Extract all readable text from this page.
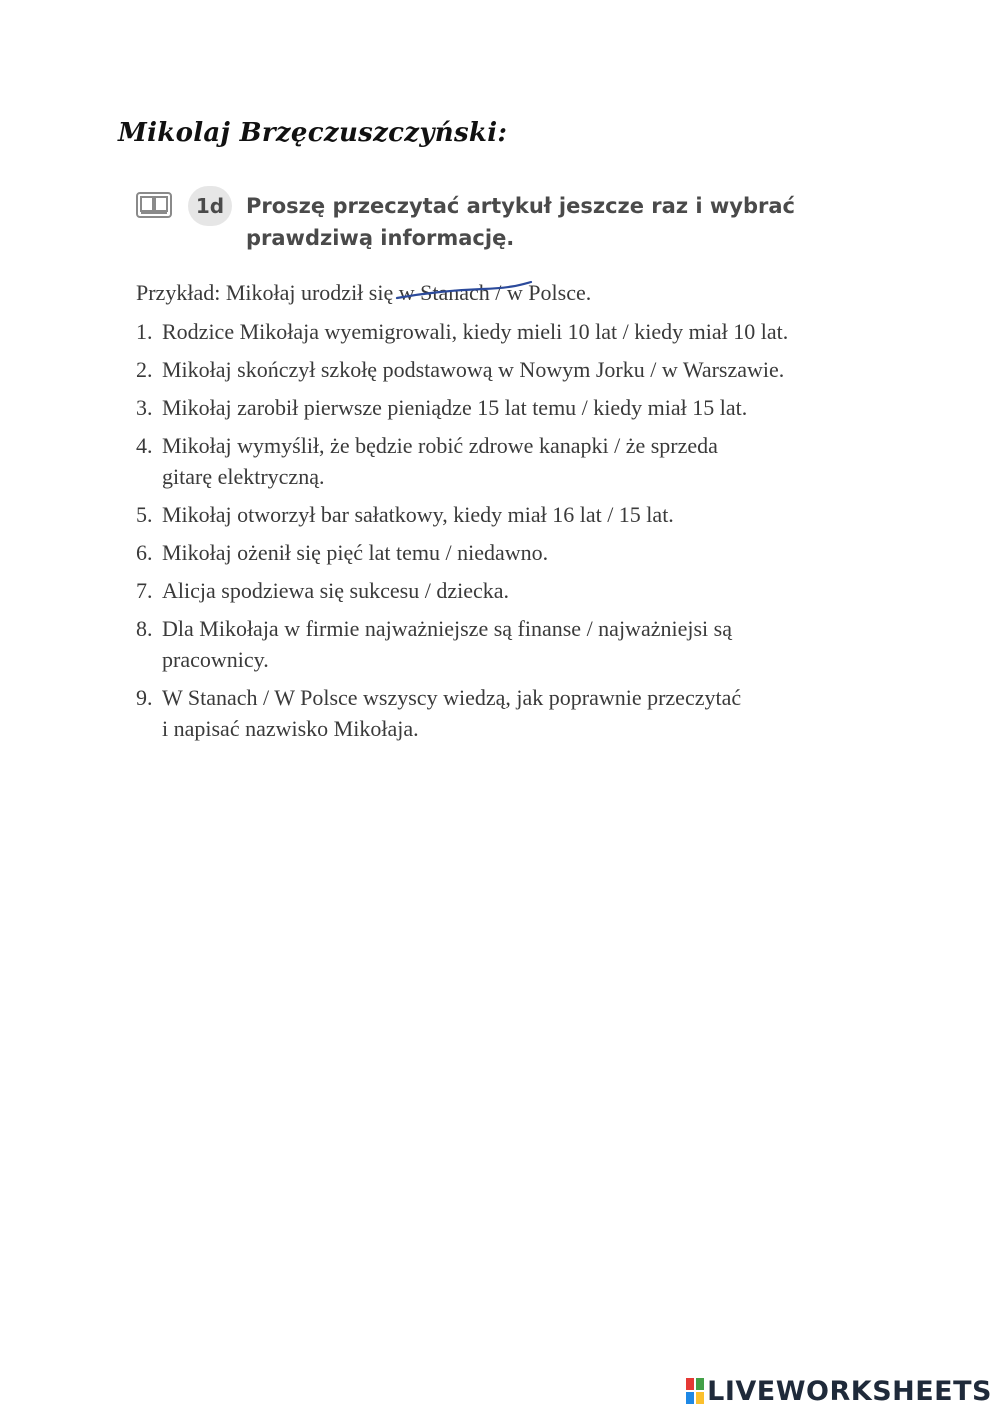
Mikolaj Brzęczuszczyński:
1d	Proszę przeczytać artykuł jeszcze raz i wybrać
prawdziwą informację.

Przykład: Mikołaj urodził się w Stanach /
w Polsce.
1. Rodzice Mikołaja wyemigrowali, kiedy mieli 10 lat / kiedy miał 10 lat.
2. Mikołaj skończył szkołę podstawową w Nowym Jorku / w Warszawie.
3. Mikołaj zarobił pierwsze pieniądze 15 lat temu / kiedy miał 15 lat.
4. Mikołaj wymyślił, że będzie robić zdrowe kanapki / że sprzeda
gitarę elektryczną.
5. Mikołaj otworzył bar sałatkowy, kiedy miał 16 lat / 15 lat.
6. Mikołaj ożenił się pięć lat temu / niedawno.
7. Alicja spodziewa się sukcesu / dziecka.
8. Dla Mikołaja w firmie najważniejsze są finanse / najważniejsi są
pracownicy.
9. W Stanach / W Polsce wszyscy wiedzą, jak poprawnie przeczytać
i napisać nazwisko Mikołaja.
LIVEWORKSHEETS
